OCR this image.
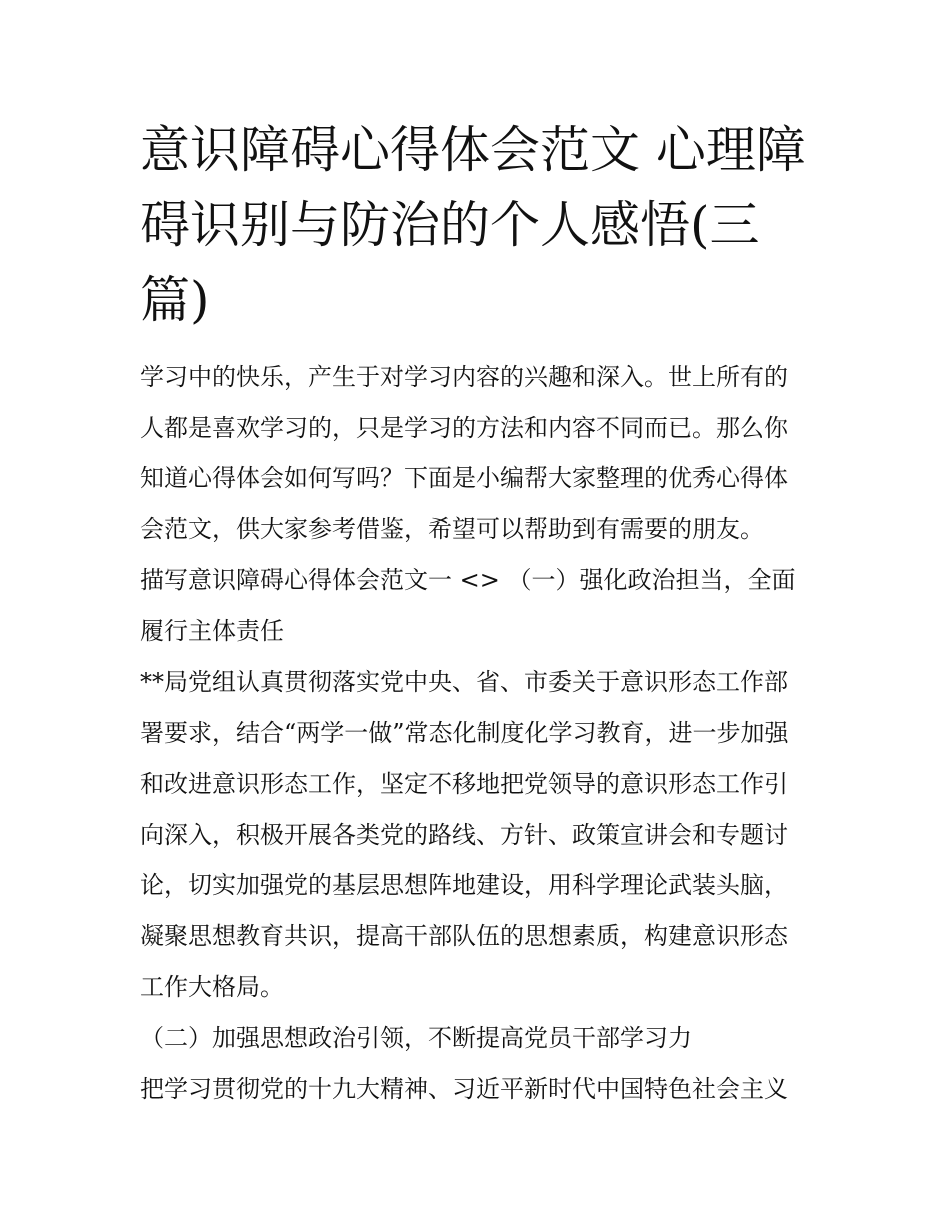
意识障碍心得体会范文 心理障
碍识别与防治的个人感悟(三
篇)

学习中的快乐，产生于对学习内容的兴趣和深入。世上所有的

人都是喜欢学习的，只是学习的方法和内容不同而已。那么你

知道心得体会如何写吗？下面是小编帮大家整理的优秀心得体

会范文，供大家参考借鉴，希望可以帮助到有需要的朋友。

描写意识障碍心得体会范文一 <> （一）强化政治担当，全面

履行主体责任

**局党组认真贯彻落实党中央、省、市委关于意识形态工作部

署要求，结合“两学一做”常态化制度化学习教育，进一步加强

和改进意识形态工作，坚定不移地把党领导的意识形态工作引

向深入，积极开展各类党的路线、方针、政策宣讲会和专题讨

论，切实加强党的基层思想阵地建设，用科学理论武装头脑，

凝聚思想教育共识，提高干部队伍的思想素质，构建意识形态

工作大格局。

（二）加强思想政治引领，不断提高党员干部学习力

把学习贯彻党的十九大精神、习近平新时代中国特色社会主义
